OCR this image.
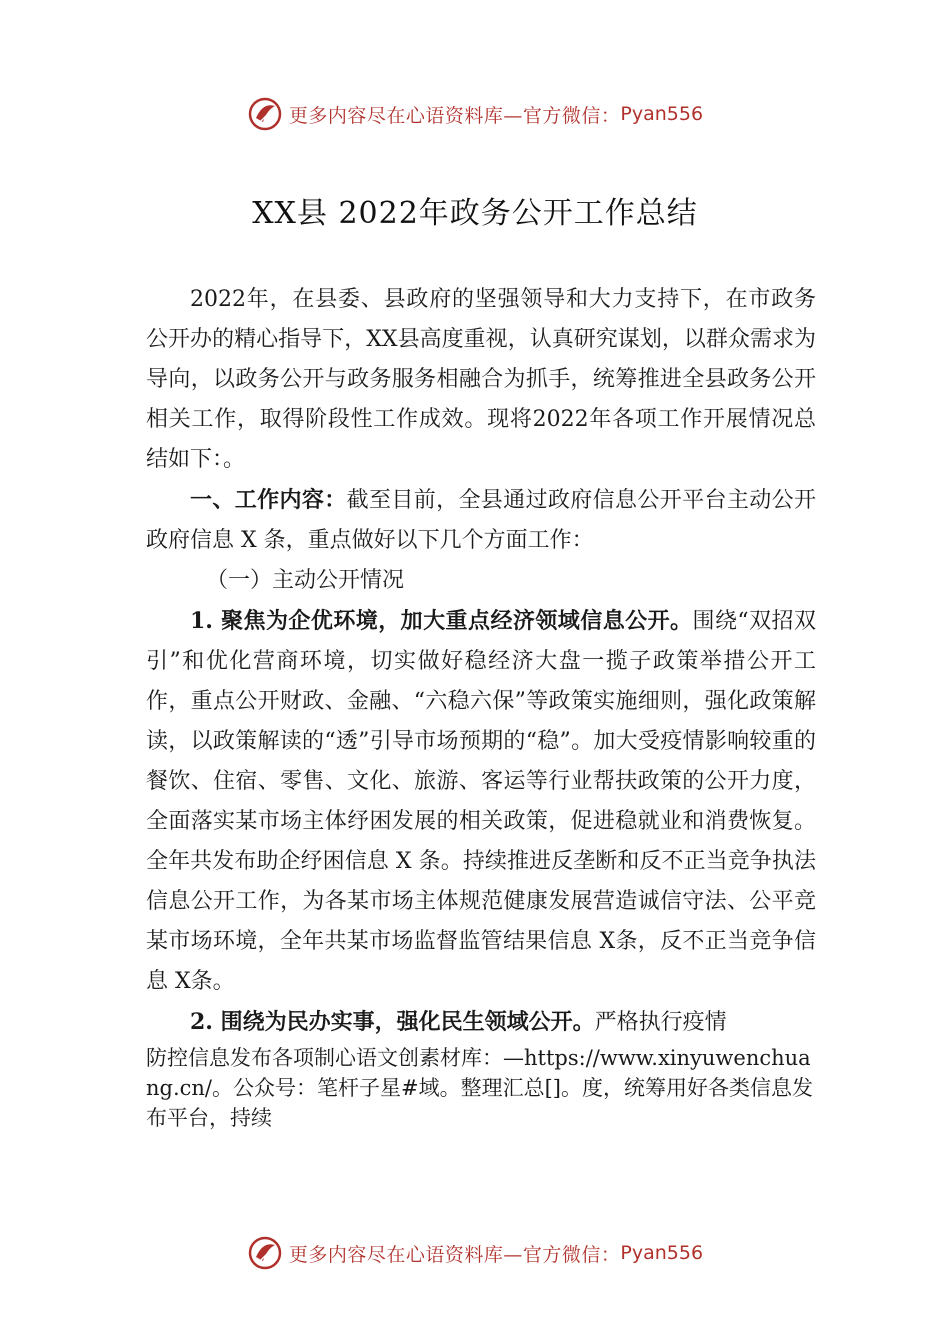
更多内容尽在心语资料库—官方微信： Pyan556
XX县 2022年政务公开工作总结

2022年，在县委、县政府的坚强领导和大力支持下，在市政务公开办的精心指导下，XX县高度重视，认真研究谋划，以群众需求为导向，以政务公开与政务服务相融合为抓手，统筹推进全县政务公开相关工作，取得阶段性工作成效。现将2022年各项工作开展情况总结如下：。

一、工作内容：截至目前，全县通过政府信息公开平台主动公开政府信息 X 条，重点做好以下几个方面工作：

（一）主动公开情况

1. 聚焦为企优环境，加大重点经济领域信息公开。围绕“双招双引”和优化营商环境，切实做好稳经济大盘一揽子政策举措公开工作，重点公开财政、金融、“六稳六保”等政策实施细则，强化政策解读，以政策解读的“透”引导市场预期的“稳”。加大受疫情影响较重的餐饮、住宿、零售、文化、旅游、客运等行业帮扶政策的公开力度，全面落实某市场主体纾困发展的相关政策，促进稳就业和消费恢复。 全年共发布助企纾困信息 X 条。持续推进反垄断和反不正当竞争执法信息公开工作，为各某市场主体规范健康发展营造诚信守法、公平竞某市场环境，全年共某市场监督监管结果信息 X条，反不正当竞争信息 X条。

2. 围绕为民办实事，强化民生领域公开。严格执行疫情

防控信息发布各项制心语文创素材库：—https://www.xinyuwenchuang.cn/。公众号：笔杆子星#域。整理汇总[]。度，统筹用好各类信息发布平台，持续

更多内容尽在心语资料库—官方微信： Pyan556
